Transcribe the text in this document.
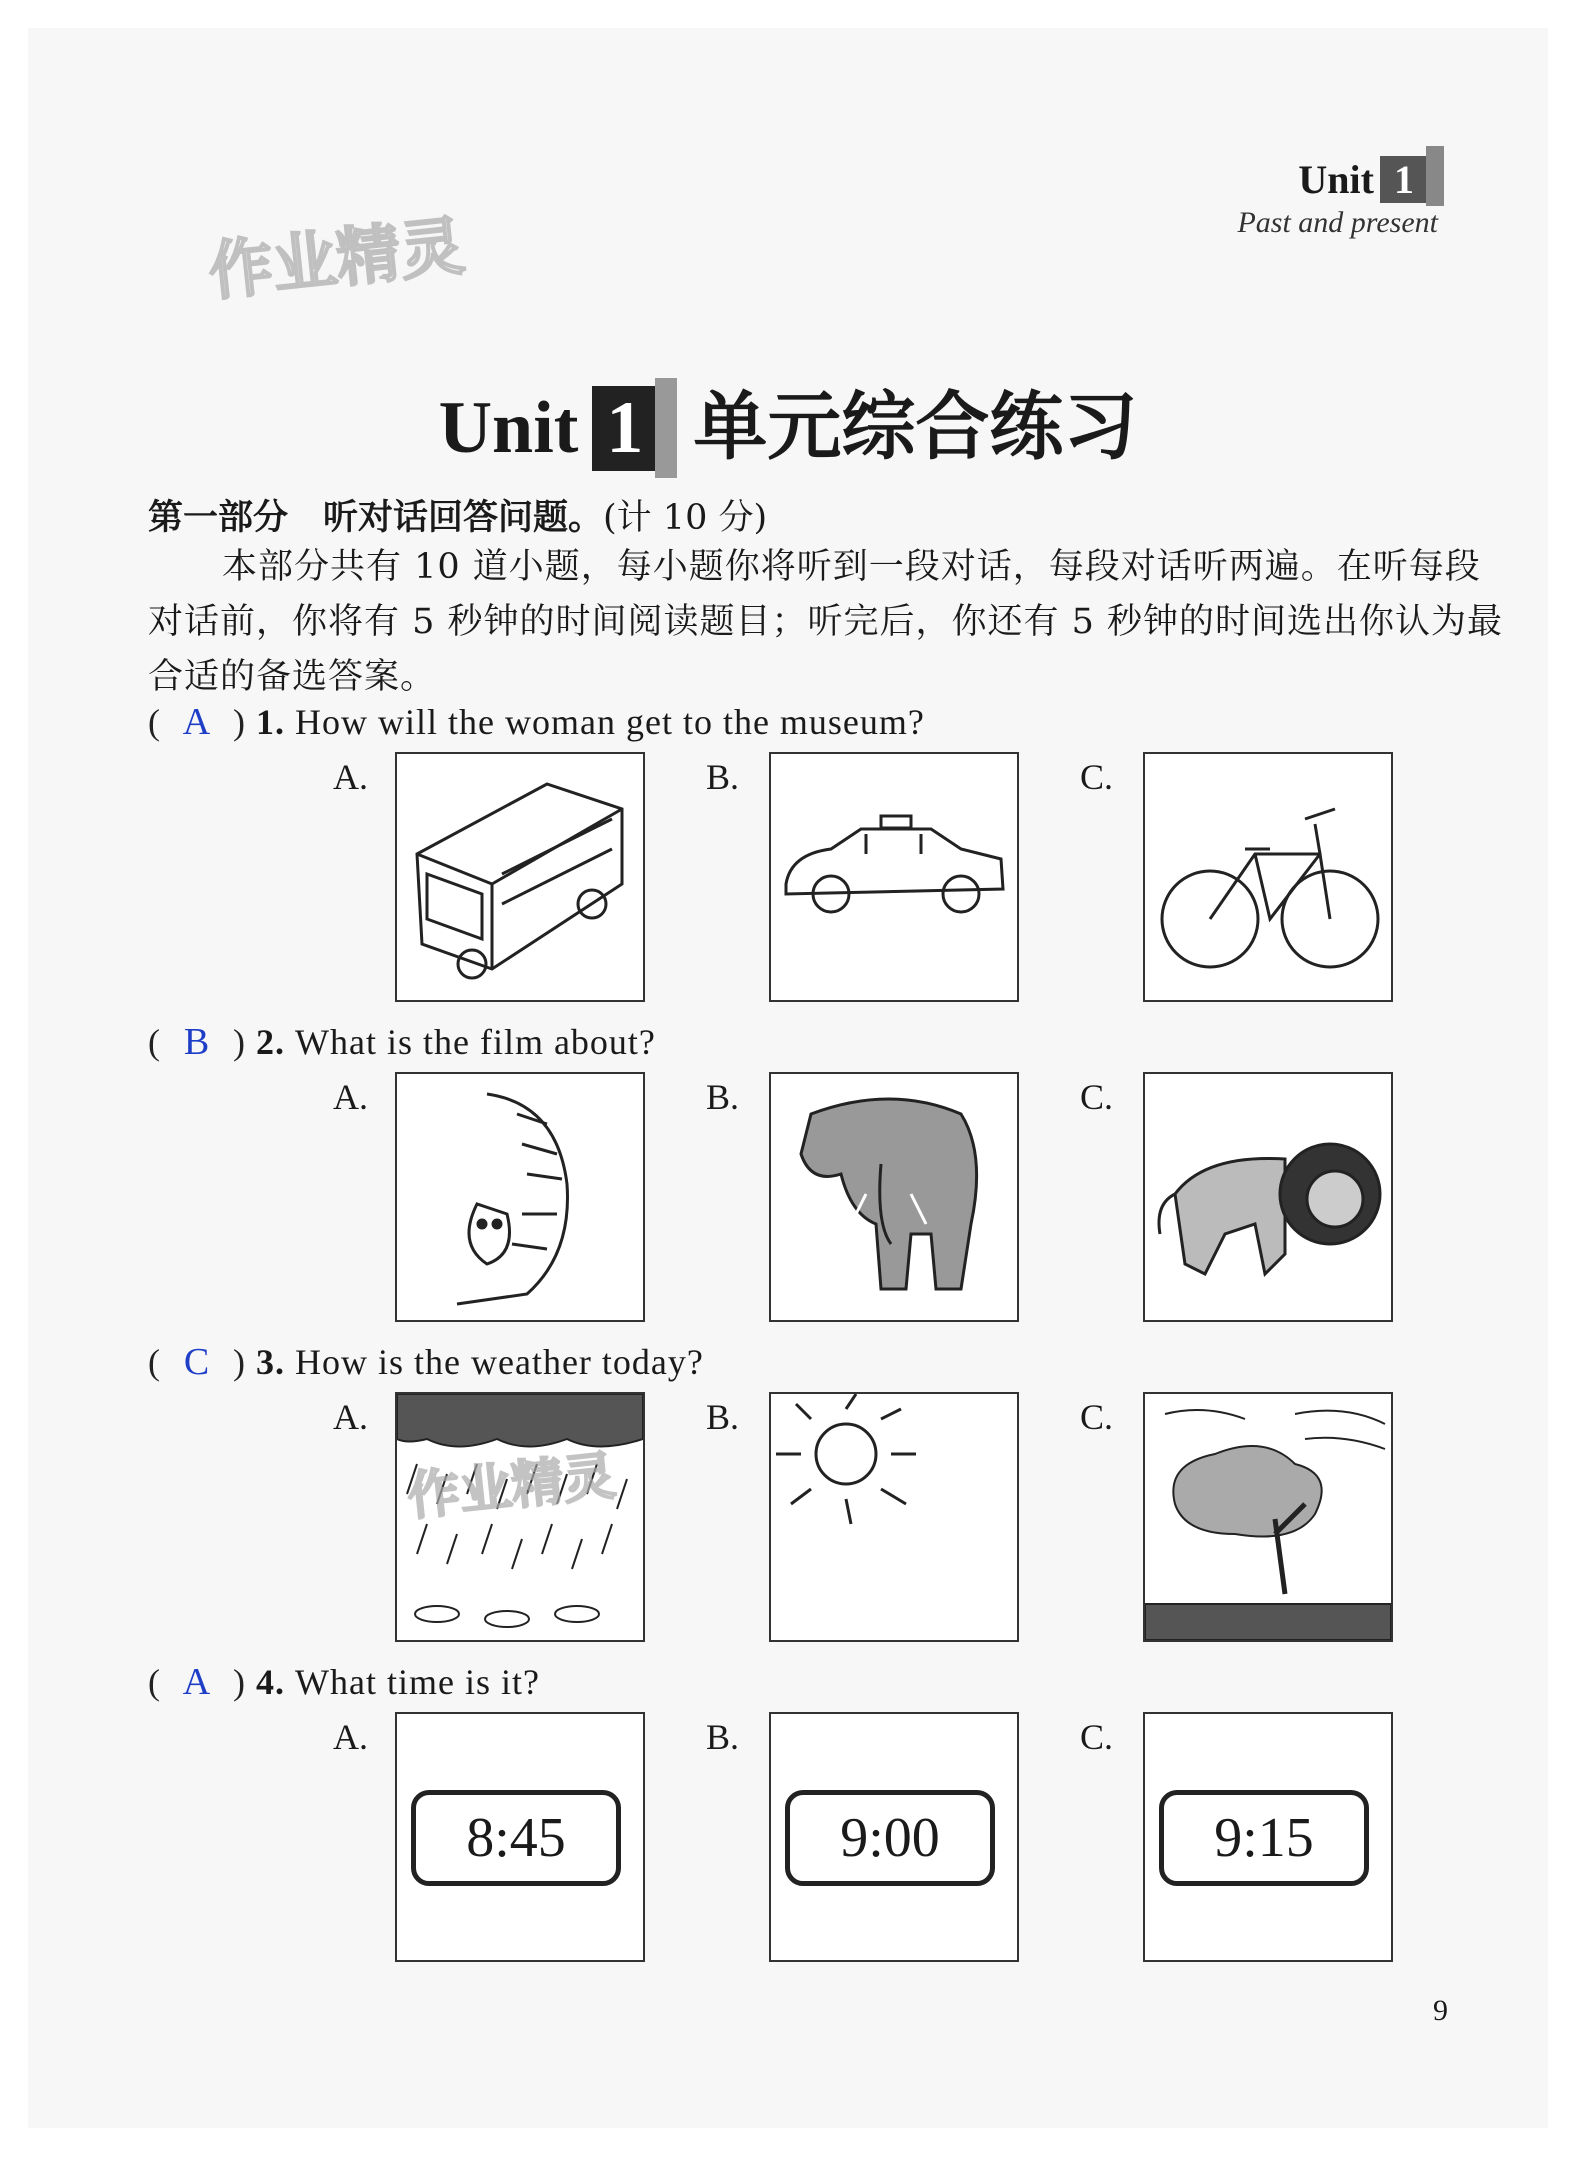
Unit 1
Past and present
作业精灵
Unit 1 单元综合练习
第一部分　听对话回答问题。(计 10 分)
本部分共有 10 道小题，每小题你将听到一段对话，每段对话听两遍。在听每段对话前，你将有 5 秒钟的时间阅读题目；听完后，你还有 5 秒钟的时间选出你认为最合适的备选答案。
( A ) 1. How will the woman get to the museum?
A.	B.	C.
( B ) 2. What is the film about?
A.	B.	C.
( C ) 3. How is the weather today?
A.	B.	C.
作业精灵
( A ) 4. What time is it?
A.	B.	C.
8:45	9:00	9:15
9
